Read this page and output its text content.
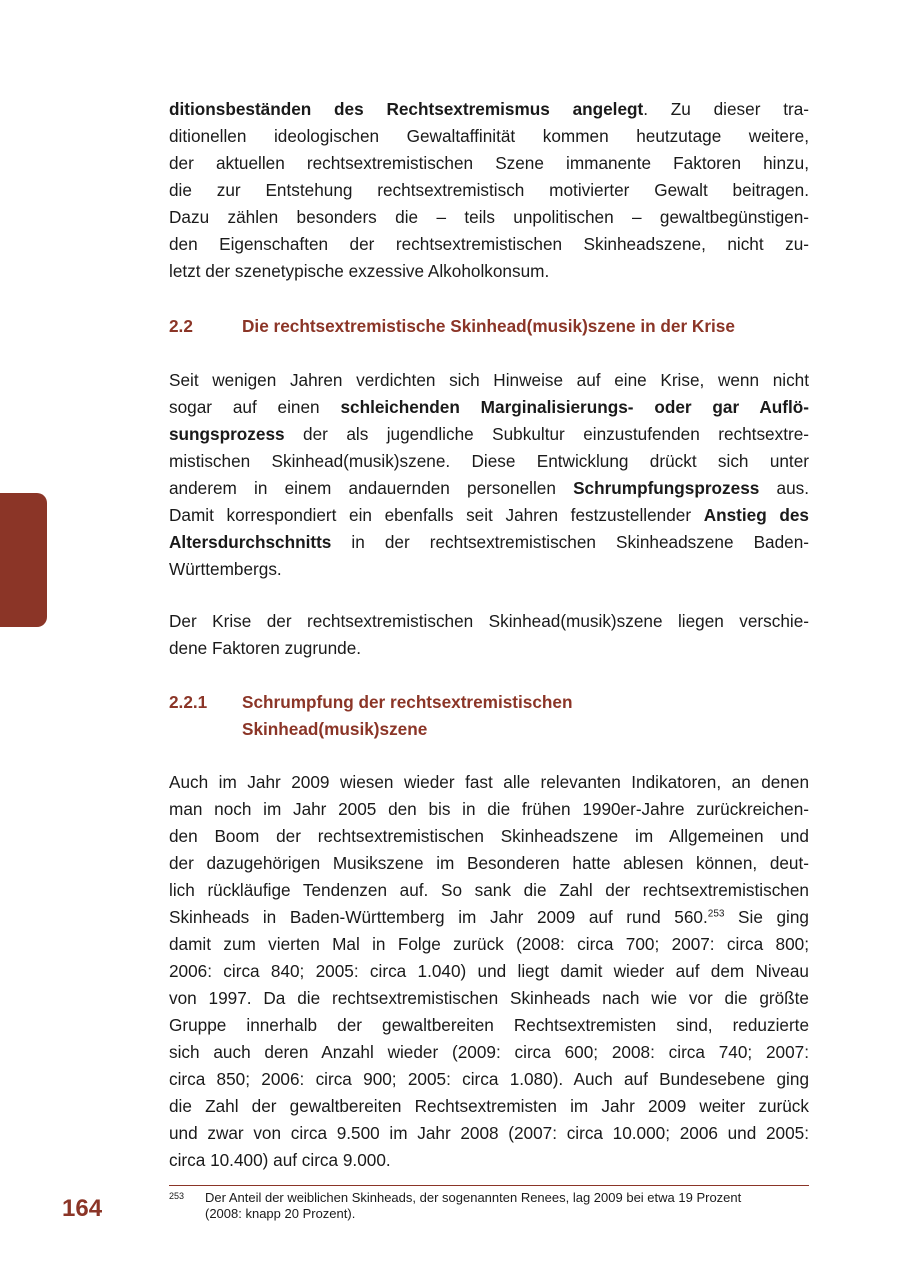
ditionsbeständen des Rechtsextremismus angelegt. Zu dieser tra-
ditionellen ideologischen Gewaltaffinität kommen heutzutage weitere,
der aktuellen rechtsextremistischen Szene immanente Faktoren hinzu,
die zur Entstehung rechtsextremistisch motivierter Gewalt beitragen.
Dazu zählen besonders die – teils unpolitischen – gewaltbegünstigen-
den Eigenschaften der rechtsextremistischen Skinheadszene, nicht zu-
letzt der szenetypische exzessive Alkoholkonsum.
2.2	Die rechtsextremistische Skinhead(musik)szene in der Krise
Seit wenigen Jahren verdichten sich Hinweise auf eine Krise, wenn nicht
sogar auf einen schleichenden Marginalisierungs- oder gar Auflö-
sungsprozess der als jugendliche Subkultur einzustufenden rechtsextre-
mistischen Skinhead(musik)szene. Diese Entwicklung drückt sich unter
anderem in einem andauernden personellen Schrumpfungsprozess aus.
Damit korrespondiert ein ebenfalls seit Jahren festzustellender Anstieg des
Altersdurchschnitts in der rechtsextremistischen Skinheadszene Baden-
Württembergs.
Der Krise der rechtsextremistischen Skinhead(musik)szene liegen verschie-
dene Faktoren zugrunde.
2.2.1 Schrumpfung der rechtsextremistischen
Skinhead(musik)szene
Auch im Jahr 2009 wiesen wieder fast alle relevanten Indikatoren, an denen
man noch im Jahr 2005 den bis in die frühen 1990er-Jahre zurückreichen-
den Boom der rechtsextremistischen Skinheadszene im Allgemeinen und
der dazugehörigen Musikszene im Besonderen hatte ablesen können, deut-
lich rückläufige Tendenzen auf. So sank die Zahl der rechtsextremistischen
Skinheads in Baden-Württemberg im Jahr 2009 auf rund 560.$^{253}$ Sie ging
damit zum vierten Mal in Folge zurück (2008: circa 700; 2007: circa 800;
2006: circa 840; 2005: circa 1.040) und liegt damit wieder auf dem Niveau
von 1997. Da die rechtsextremistischen Skinheads nach wie vor die größte
Gruppe innerhalb der gewaltbereiten Rechtsextremisten sind, reduzierte
sich auch deren Anzahl wieder (2009: circa 600; 2008: circa 740; 2007:
circa 850; 2006: circa 900; 2005: circa 1.080). Auch auf Bundesebene ging
die Zahl der gewaltbereiten Rechtsextremisten im Jahr 2009 weiter zurück
und zwar von circa 9.500 im Jahr 2008 (2007: circa 10.000; 2006 und 2005:
circa 10.400) auf circa 9.000.
253 Der Anteil der weiblichen Skinheads, der sogenannten Renees, lag 2009 bei etwa 19 Prozent
(2008: knapp 20 Prozent).
164
